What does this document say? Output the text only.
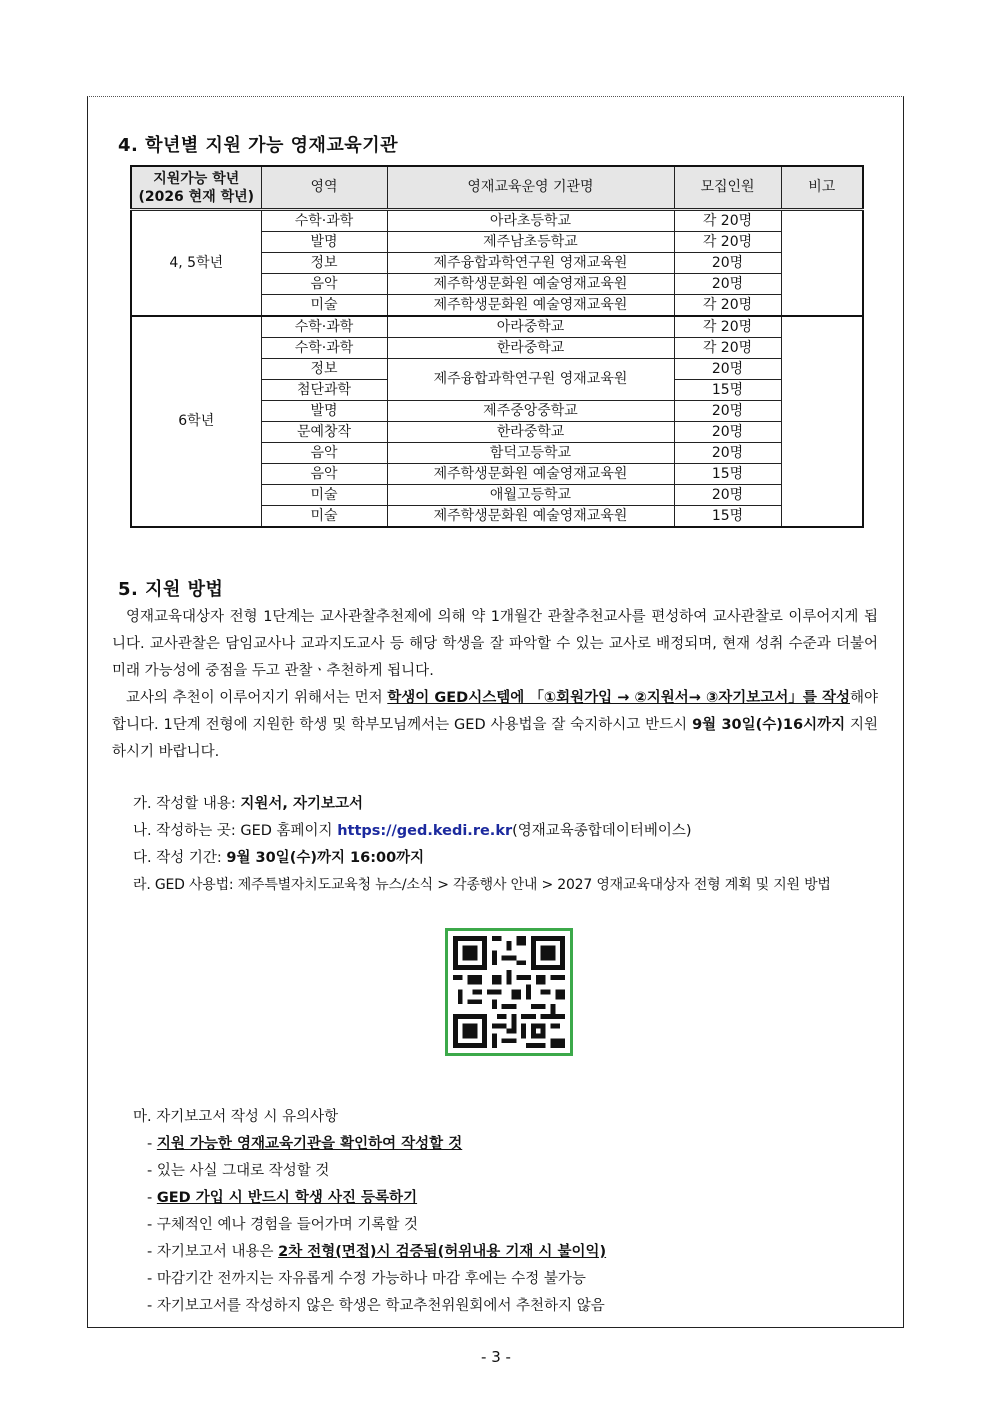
4. 학년별 지원 가능 영재교육기관
지원가능 학년
(2026 현재 학년)	영역	영재교육운영 기관명	모집인원	비고
4, 5학년	수학·과학	아라초등학교	각 20명	
	발명	제주남초등학교	각 20명	
	정보	제주융합과학연구원 영재교육원	20명	
	음악	제주학생문화원 예술영재교육원	20명	
	미술	제주학생문화원 예술영재교육원	각 20명	
6학년	수학·과학	아라중학교	각 20명	
	수학·과학	한라중학교	각 20명	
	정보	제주융합과학연구원 영재교육원	20명	
	첨단과학		15명	
	발명	제주중앙중학교	20명	
	문예창작	한라중학교	20명	
	음악	함덕고등학교	20명	
	음악	제주학생문화원 예술영재교육원	15명	
	미술	애월고등학교	20명	
	미술	제주학생문화원 예술영재교육원	15명	
5. 지원 방법

영재교육대상자 전형 1단계는 교사관찰추천제에 의해 약 1개월간 관찰추천교사를 편성하여 교사관찰로 이루어지게 됩니다. 교사관찰은 담임교사나 교과지도교사 등 해당 학생을 잘 파악할 수 있는 교사로 배정되며, 현재 성취 수준과 더불어 미래 가능성에 중점을 두고 관찰ㆍ추천하게 됩니다.

교사의 추천이 이루어지기 위해서는 먼저 학생이 GED시스템에 「①회원가입 → ②지원서→ ③자기보고서」를 작성해야 합니다. 1단계 전형에 지원한 학생 및 학부모님께서는 GED 사용법을 잘 숙지하시고 반드시 9월 30일(수)16시까지 지원하시기 바랍니다.

가. 작성할 내용: 지원서, 자기보고서
나. 작성하는 곳: GED 홈페이지 https://ged.kedi.re.kr(영재교육종합데이터베이스)
다. 작성 기간: 9월 30일(수)까지 16:00까지
라. GED 사용법: 제주특별자치도교육청 뉴스/소식 > 각종행사 안내 > 2027 영재교육대상자 전형 계획 및 지원 방법
마. 자기보고서 작성 시 유의사항
- 지원 가능한 영재교육기관을 확인하여 작성할 것
- 있는 사실 그대로 작성할 것
- GED 가입 시 반드시 학생 사진 등록하기
- 구체적인 예나 경험을 들어가며 기록할 것
- 자기보고서 내용은 2차 전형(면접)시 검증됨(허위내용 기재 시 불이익)
- 마감기간 전까지는 자유롭게 수정 가능하나 마감 후에는 수정 불가능
- 자기보고서를 작성하지 않은 학생은 학교추천위원회에서 추천하지 않음
- 3 -
